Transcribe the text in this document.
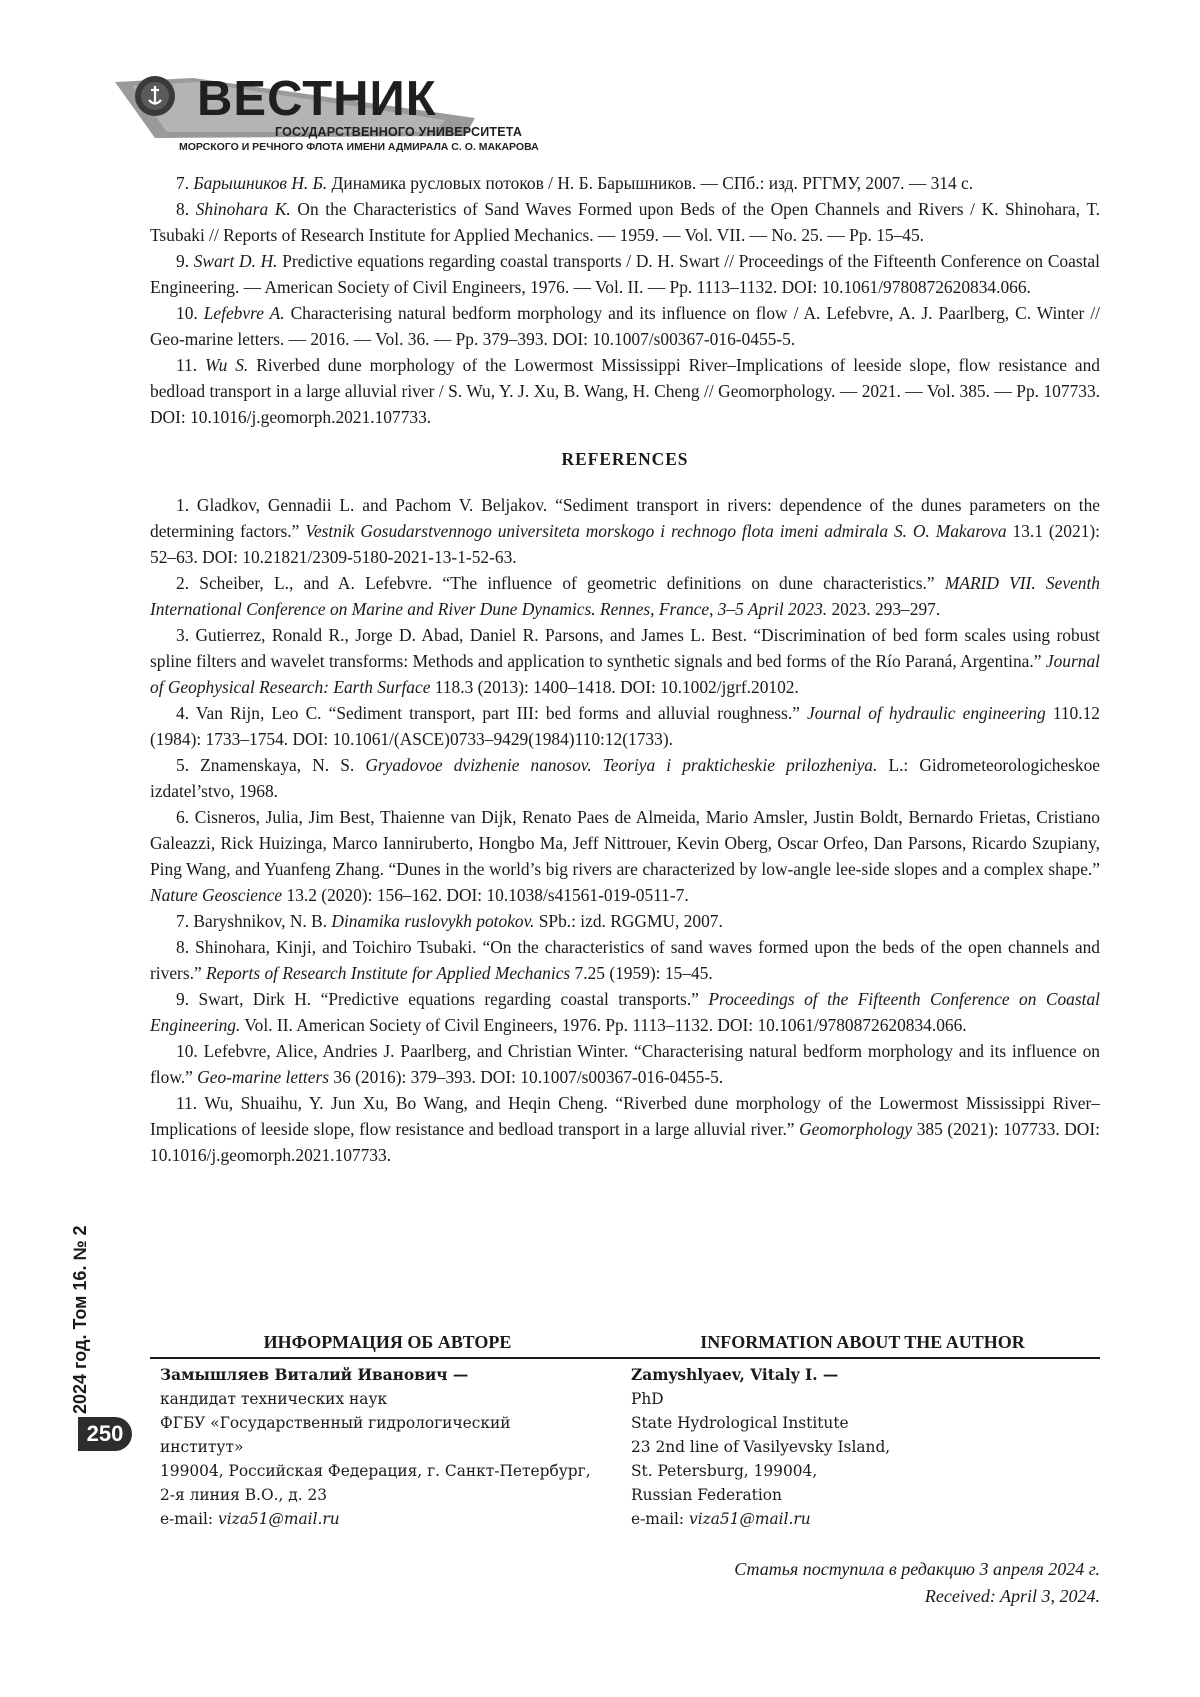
ВЕСТНИК
ГОСУДАРСТВЕННОГО УНИВЕРСИТЕТА
МОРСКОГО И РЕЧНОГО ФЛОТА ИМЕНИ АДМИРАЛА С. О. МАКАРОВА

7. Барышников Н. Б. Динамика русловых потоков / Н. Б. Барышников. — СПб.: изд. РГГМУ, 2007. — 314 с.

8. Shinohara K. On the Characteristics of Sand Waves Formed upon Beds of the Open Channels and Rivers / K. Shinohara, T. Tsubaki // Reports of Research Institute for Applied Mechanics. — 1959. — Vol. VII. — No. 25. — Pp. 15–45.

9. Swart D. H. Predictive equations regarding coastal transports / D. H. Swart // Proceedings of the Fifteenth Conference on Coastal Engineering. — American Society of Civil Engineers, 1976. — Vol. II. — Pp. 1113–1132. DOI: 10.1061/9780872620834.066.

10. Lefebvre A. Characterising natural bedform morphology and its influence on flow / A. Lefebvre, A. J. Paarlberg, C. Winter // Geo-marine letters. — 2016. — Vol. 36. — Pp. 379–393. DOI: 10.1007/s00367-016-0455-5.

11. Wu S. Riverbed dune morphology of the Lowermost Mississippi River–Implications of leeside slope, flow resistance and bedload transport in a large alluvial river / S. Wu, Y. J. Xu, B. Wang, H. Cheng // Geomorphology. — 2021. — Vol. 385. — Pp. 107733. DOI: 10.1016/j.geomorph.2021.107733.

REFERENCES

1. Gladkov, Gennadii L. and Pachom V. Beljakov. “Sediment transport in rivers: dependence of the dunes parameters on the determining factors.” Vestnik Gosudarstvennogo universiteta morskogo i rechnogo flota imeni admirala S. O. Makarova 13.1 (2021): 52–63. DOI: 10.21821/2309-5180-2021-13-1-52-63.

2. Scheiber, L., and A. Lefebvre. “The influence of geometric definitions on dune characteristics.” MARID VII. Seventh International Conference on Marine and River Dune Dynamics. Rennes, France, 3–5 April 2023. 2023. 293–297.

3. Gutierrez, Ronald R., Jorge D. Abad, Daniel R. Parsons, and James L. Best. “Discrimination of bed form scales using robust spline filters and wavelet transforms: Methods and application to synthetic signals and bed forms of the Río Paraná, Argentina.” Journal of Geophysical Research: Earth Surface 118.3 (2013): 1400–1418. DOI: 10.1002/jgrf.20102.

4. Van Rijn, Leo C. “Sediment transport, part III: bed forms and alluvial roughness.” Journal of hydraulic engineering 110.12 (1984): 1733–1754. DOI: 10.1061/(ASCE)0733–9429(1984)110:12(1733).

5. Znamenskaya, N. S. Gryadovoe dvizhenie nanosov. Teoriya i prakticheskie prilozheniya. L.: Gidrometeorologicheskoe izdatel’stvo, 1968.

6. Cisneros, Julia, Jim Best, Thaienne van Dijk, Renato Paes de Almeida, Mario Amsler, Justin Boldt, Bernardo Frietas, Cristiano Galeazzi, Rick Huizinga, Marco Ianniruberto, Hongbo Ma, Jeff Nittrouer, Kevin Oberg, Oscar Orfeo, Dan Parsons, Ricardo Szupiany, Ping Wang, and Yuanfeng Zhang. “Dunes in the world’s big rivers are characterized by low-angle lee-side slopes and a complex shape.” Nature Geoscience 13.2 (2020): 156–162. DOI: 10.1038/s41561-019-0511-7.

7. Baryshnikov, N. B. Dinamika ruslovykh potokov. SPb.: izd. RGGMU, 2007.

8. Shinohara, Kinji, and Toichiro Tsubaki. “On the characteristics of sand waves formed upon the beds of the open channels and rivers.” Reports of Research Institute for Applied Mechanics 7.25 (1959): 15–45.

9. Swart, Dirk H. “Predictive equations regarding coastal transports.” Proceedings of the Fifteenth Conference on Coastal Engineering. Vol. II. American Society of Civil Engineers, 1976. Pp. 1113–1132. DOI: 10.1061/9780872620834.066.

10. Lefebvre, Alice, Andries J. Paarlberg, and Christian Winter. “Characterising natural bedform morphology and its influence on flow.” Geo-marine letters 36 (2016): 379–393. DOI: 10.1007/s00367-016-0455-5.

11. Wu, Shuaihu, Y. Jun Xu, Bo Wang, and Heqin Cheng. “Riverbed dune morphology of the Lowermost Mississippi River–Implications of leeside slope, flow resistance and bedload transport in a large alluvial river.” Geomorphology 385 (2021): 107733. DOI: 10.1016/j.geomorph.2021.107733.

ИНФОРМАЦИЯ ОБ АВТОРЕ	INFORMATION ABOUT THE AUTHOR
Замышляев Виталий Иванович —
кандидат технических наук
ФГБУ «Государственный гидрологический
институт»
199004, Российская Федерация, г. Санкт-Петербург,
2-я линия В.О., д. 23
e-mail: viza51@mail.ru
Zamyshlyaev, Vitaly I. —
PhD
State Hydrological Institute
23 2nd line of Vasilyevsky Island,
St. Petersburg, 199004,
Russian Federation
e-mail: viza51@mail.ru
Статья поступила в редакцию 3 апреля 2024 г.
Received: April 3, 2024.
2024 год. Том 16. № 2
250
